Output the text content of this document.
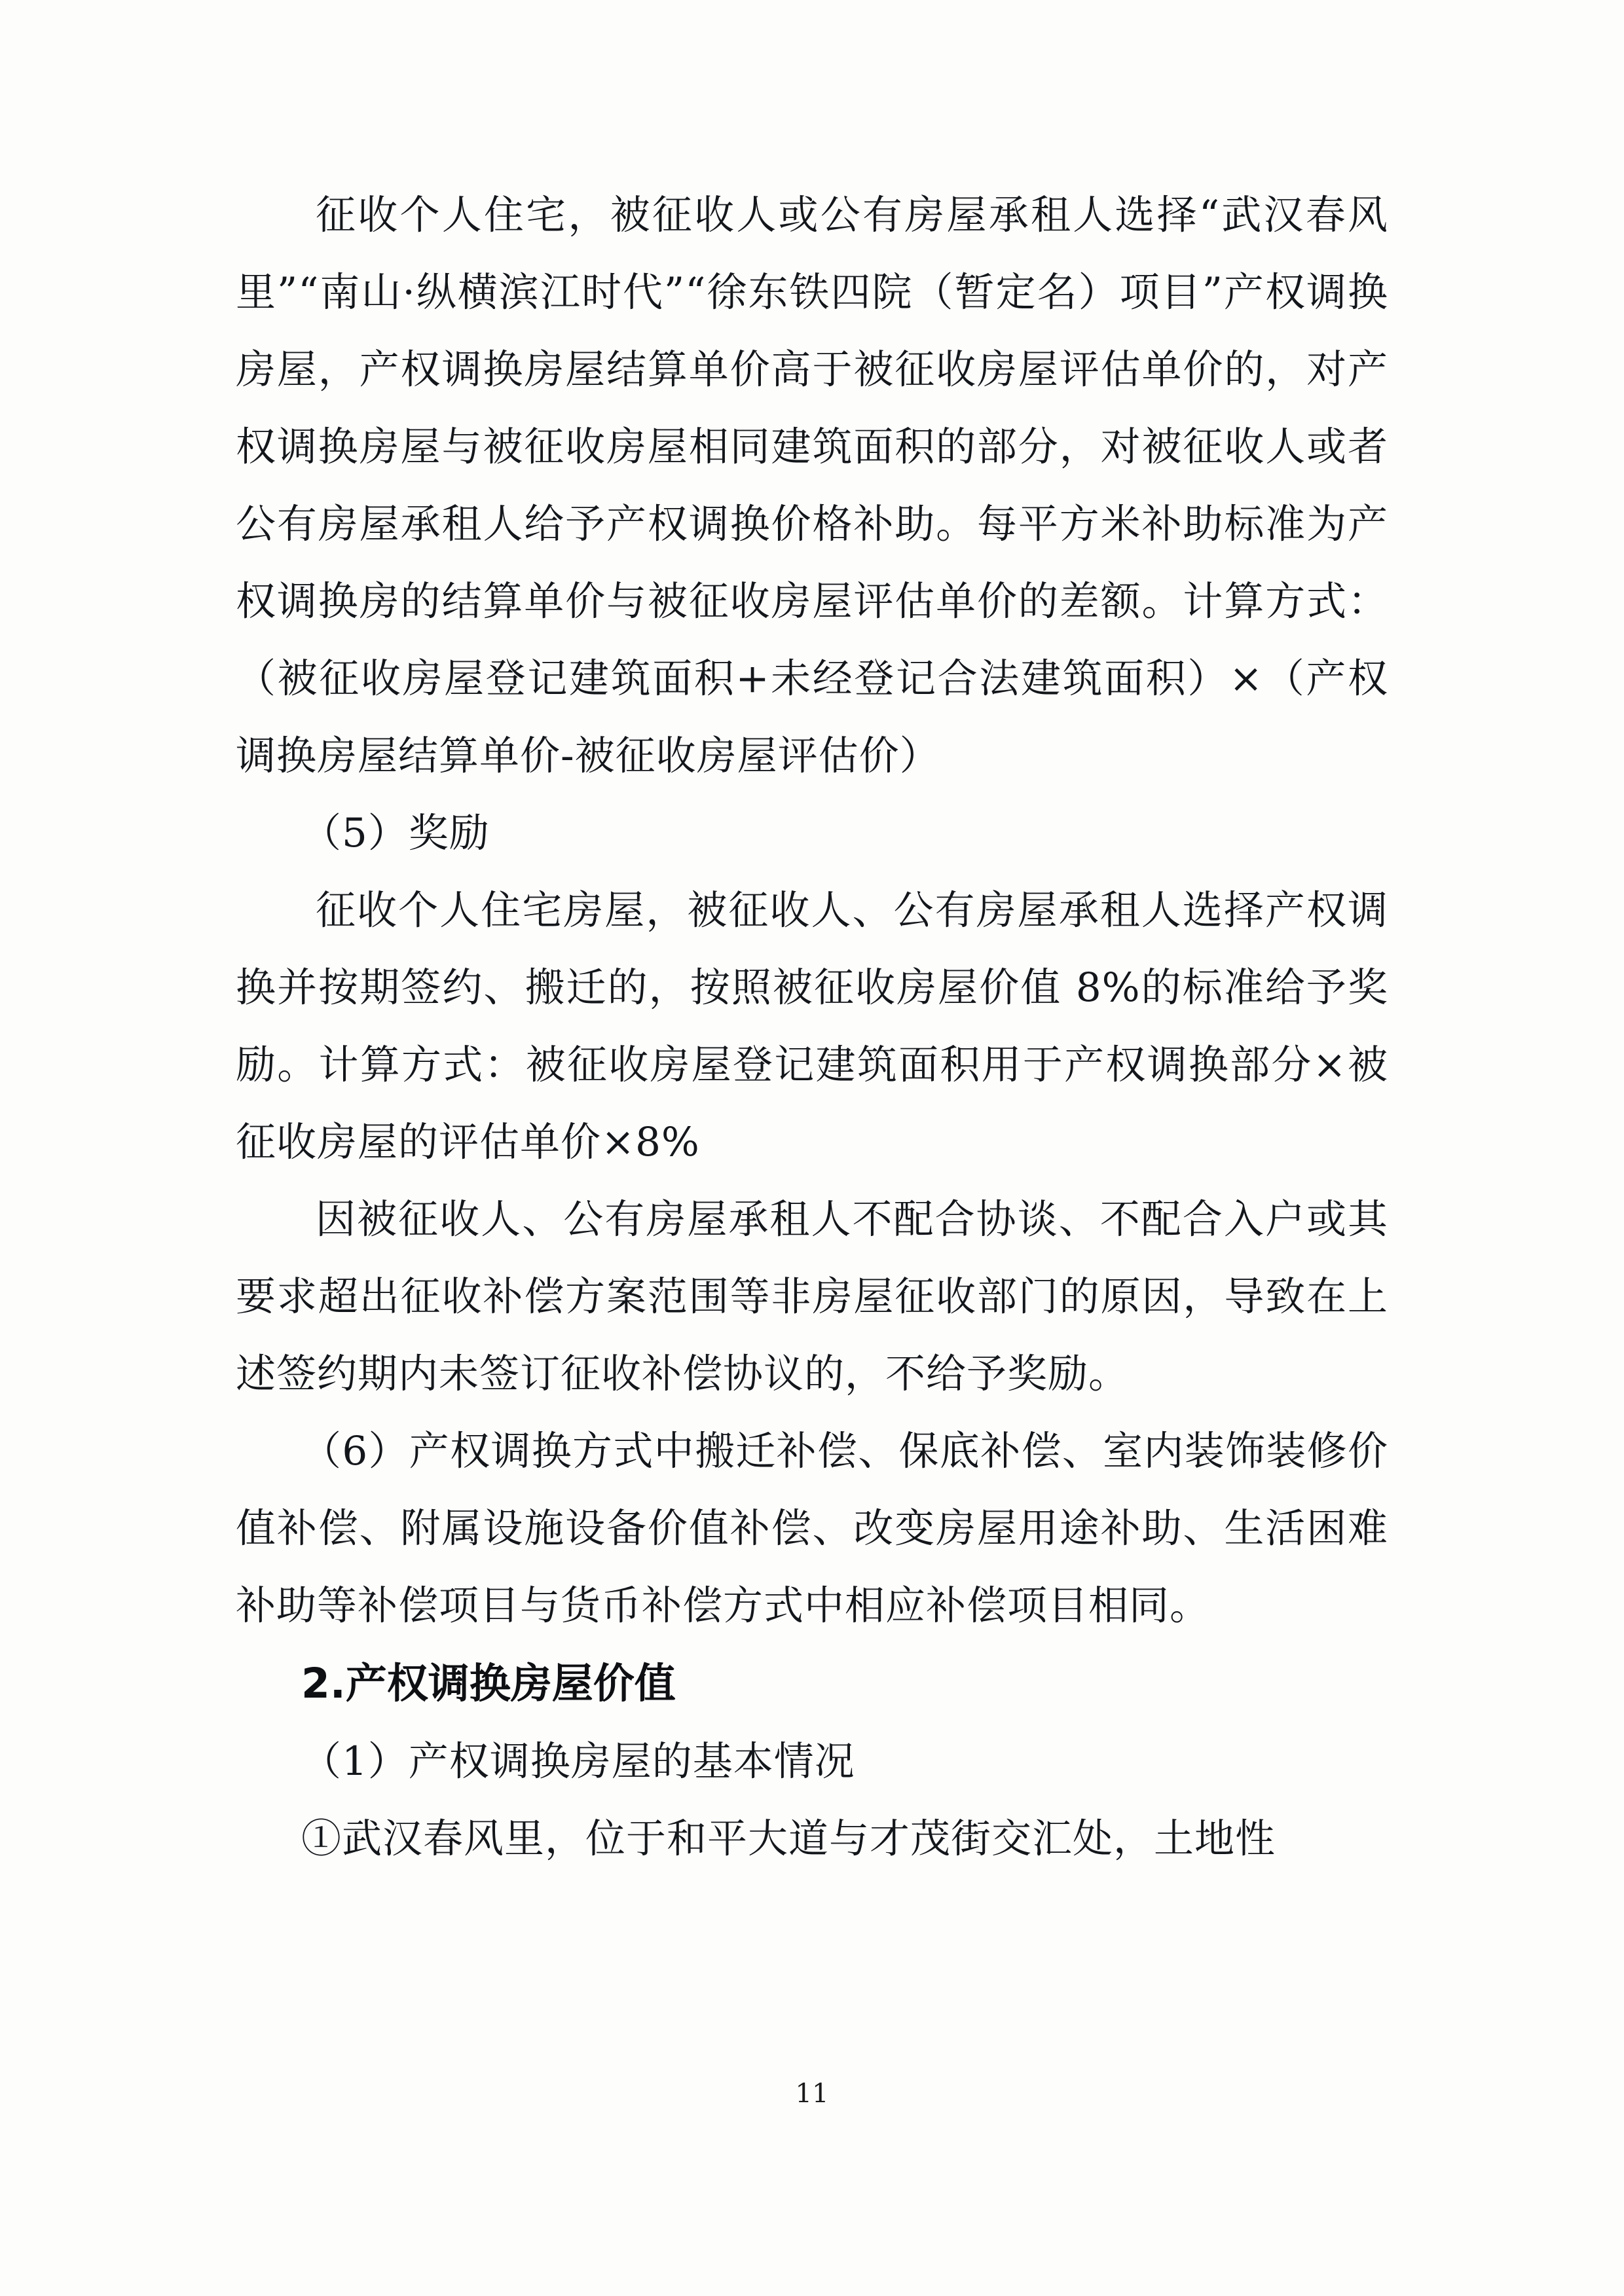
征收个人住宅，被征收人或公有房屋承租人选择“武汉春风里”“南山·纵横滨江时代”“徐东铁四院（暂定名）项目”产权调换房屋，产权调换房屋结算单价高于被征收房屋评估单价的，对产权调换房屋与被征收房屋相同建筑面积的部分，对被征收人或者公有房屋承租人给予产权调换价格补助。每平方米补助标准为产权调换房的结算单价与被征收房屋评估单价的差额。计算方式：（被征收房屋登记建筑面积+未经登记合法建筑面积）×（产权调换房屋结算单价-被征收房屋评估价）

（5）奖励

征收个人住宅房屋，被征收人、公有房屋承租人选择产权调换并按期签约、搬迁的，按照被征收房屋价值 8%的标准给予奖励。计算方式：被征收房屋登记建筑面积用于产权调换部分×被征收房屋的评估单价×8%

因被征收人、公有房屋承租人不配合协谈、不配合入户或其要求超出征收补偿方案范围等非房屋征收部门的原因，导致在上述签约期内未签订征收补偿协议的，不给予奖励。

（6）产权调换方式中搬迁补偿、保底补偿、室内装饰装修价值补偿、附属设施设备价值补偿、改变房屋用途补助、生活困难补助等补偿项目与货币补偿方式中相应补偿项目相同。

2.产权调换房屋价值

（1）产权调换房屋的基本情况

①武汉春风里，位于和平大道与才茂街交汇处，土地性

11
